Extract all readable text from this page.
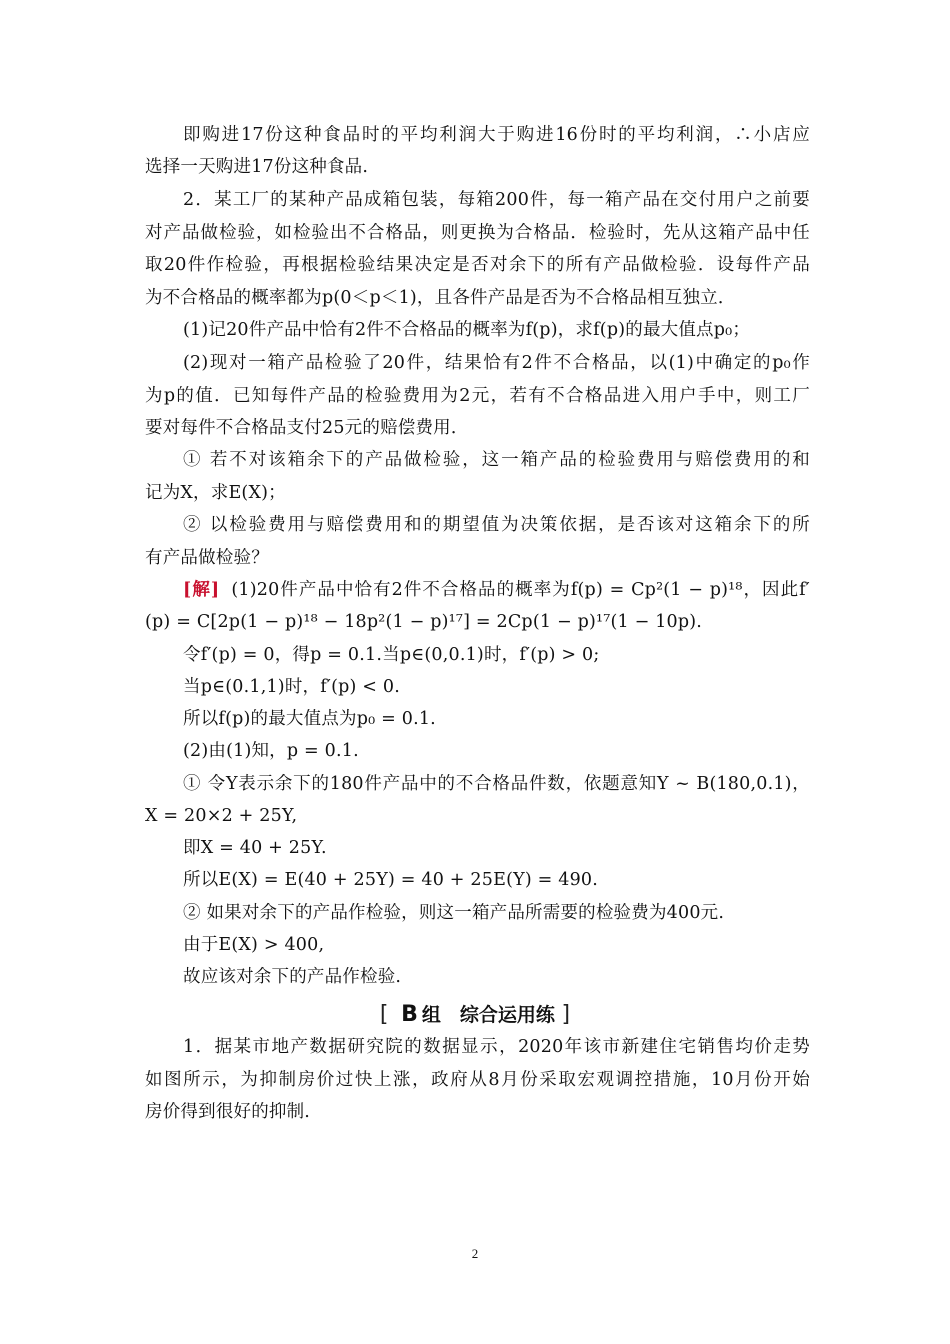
即购进17份这种食品时的平均利润大于购进16份时的平均利润，∴小店应
选择一天购进17份这种食品.
2．某工厂的某种产品成箱包装，每箱200件，每一箱产品在交付用户之前要
对产品做检验，如检验出不合格品，则更换为合格品．检验时，先从这箱产品中任
取20件作检验，再根据检验结果决定是否对余下的所有产品做检验．设每件产品
为不合格品的概率都为p(0＜p＜1)，且各件产品是否为不合格品相互独立．
(1)记20件产品中恰有2件不合格品的概率为f(p)，求f(p)的最大值点p₀；
(2)现对一箱产品检验了20件，结果恰有2件不合格品，以(1)中确定的p₀作
为p的值．已知每件产品的检验费用为2元，若有不合格品进入用户手中，则工厂
要对每件不合格品支付25元的赔偿费用．
① 若不对该箱余下的产品做检验，这一箱产品的检验费用与赔偿费用的和
记为X，求E(X)；
② 以检验费用与赔偿费用和的期望值为决策依据，是否该对这箱余下的所
有产品做检验？
[解] (1)20件产品中恰有2件不合格品的概率为f(p) = Cp²(1 − p)¹⁸，因此f′
(p) = C[2p(1 − p)¹⁸ − 18p²(1 − p)¹⁷] = 2Cp(1 − p)¹⁷(1 − 10p).
令f′(p) = 0，得p = 0.1.当p∈(0,0.1)时，f′(p) > 0;
当p∈(0.1,1)时，f′(p) < 0.
所以f(p)的最大值点为p₀ = 0.1.
(2)由(1)知，p = 0.1.
① 令Y表示余下的180件产品中的不合格品件数，依题意知Y ~ B(180,0.1)，
X = 20×2 + 25Y,
即X = 40 + 25Y.
所以E(X) = E(40 + 25Y) = 40 + 25E(Y) = 490.
② 如果对余下的产品作检验，则这一箱产品所需要的检验费为400元.
由于E(X) > 400,
故应该对余下的产品作检验.
1．据某市地产数据研究院的数据显示，2020年该市新建住宅销售均价走势
如图所示，为抑制房价过快上涨，政府从8月份采取宏观调控措施，10月份开始
房价得到很好的抑制.
[ B 组　综合运用练 ]
2
